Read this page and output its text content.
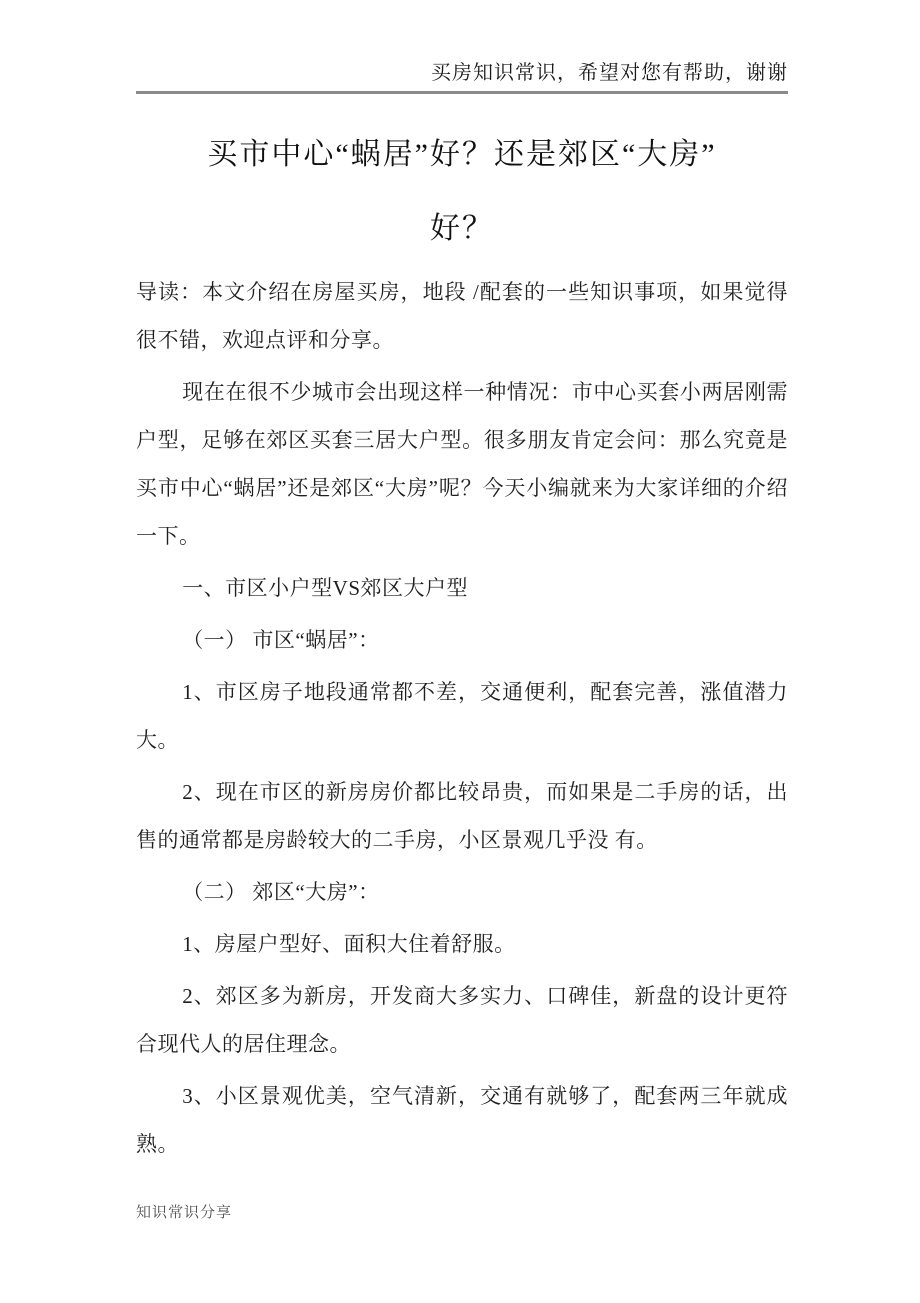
买房知识常识，希望对您有帮助，谢谢
买市中心“蜗居”好？还是郊区“大房”
好？

导读：本文介绍在房屋买房，地段 /配套的一些知识事项，如果觉得很不错，欢迎点评和分享。

现在在很不少城市会出现这样一种情况：市中心买套小两居刚需户型，足够在郊区买套三居大户型。很多朋友肯定会问：那么究竟是买市中心“蜗居”还是郊区“大房”呢？今天小编就来为大家详细的介绍一下。

一、市区小户型VS郊区大户型

（一） 市区“蜗居”：

1、市区房子地段通常都不差，交通便利，配套完善，涨值潜力大。

2、现在市区的新房房价都比较昂贵，而如果是二手房的话，出售的通常都是房龄较大的二手房，小区景观几乎没 有。

（二） 郊区“大房”：

1、房屋户型好、面积大住着舒服。

2、郊区多为新房，开发商大多实力、口碑佳，新盘的设计更符合现代人的居住理念。

3、小区景观优美，空气清新，交通有就够了，配套两三年就成熟。

知识常识分享
